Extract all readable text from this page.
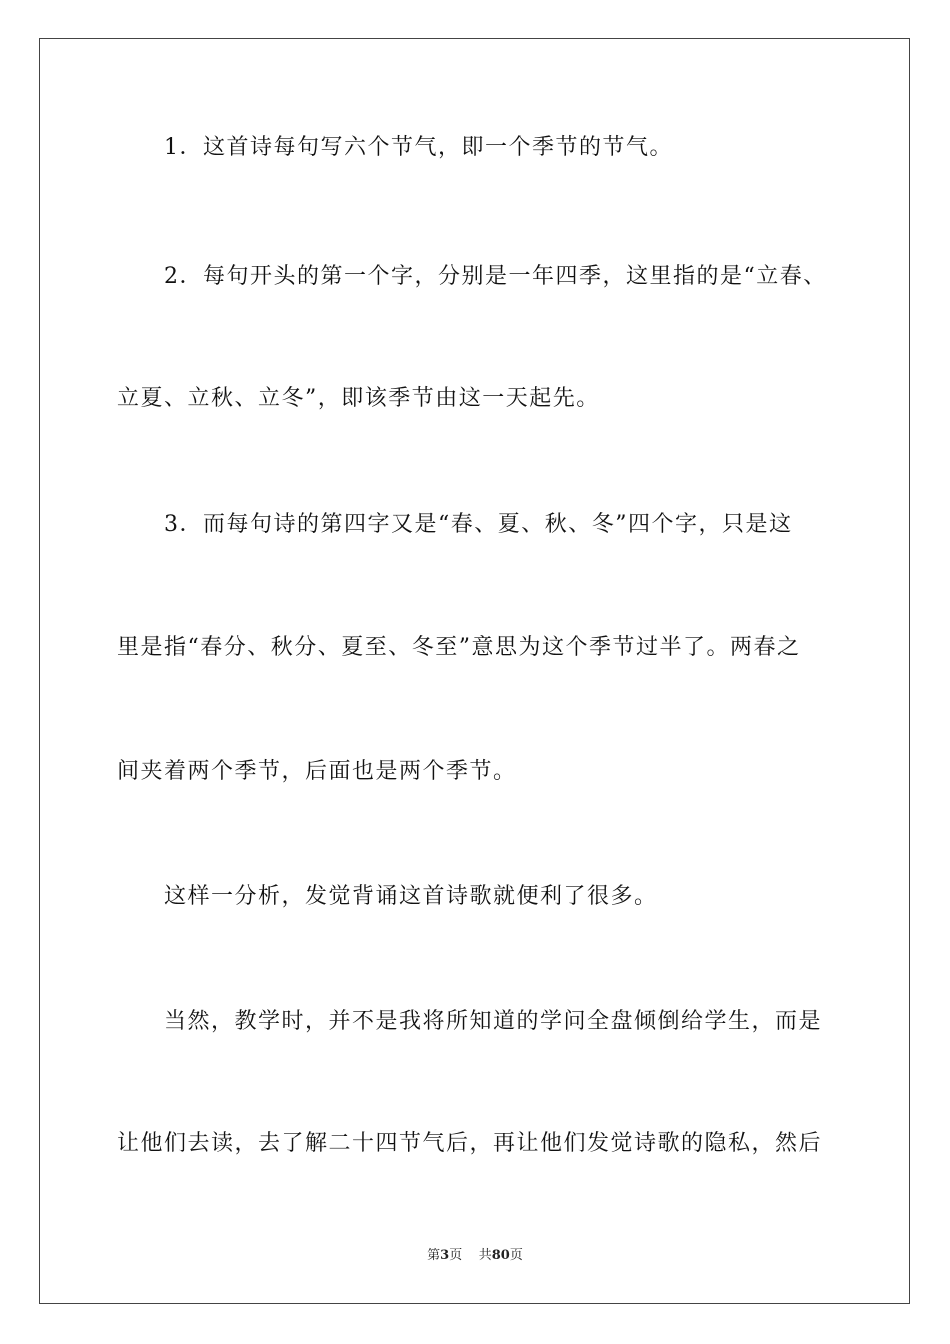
1．这首诗每句写六个节气，即一个季节的节气。
2．每句开头的第一个字，分别是一年四季，这里指的是“立春、
立夏、立秋、立冬”，即该季节由这一天起先。
3．而每句诗的第四字又是“春、夏、秋、冬”四个字，只是这
里是指“春分、秋分、夏至、冬至”意思为这个季节过半了。两春之
间夹着两个季节，后面也是两个季节。
这样一分析，发觉背诵这首诗歌就便利了很多。
当然，教学时，并不是我将所知道的学问全盘倾倒给学生，而是
让他们去读，去了解二十四节气后，再让他们发觉诗歌的隐私，然后
第3页 共80页
